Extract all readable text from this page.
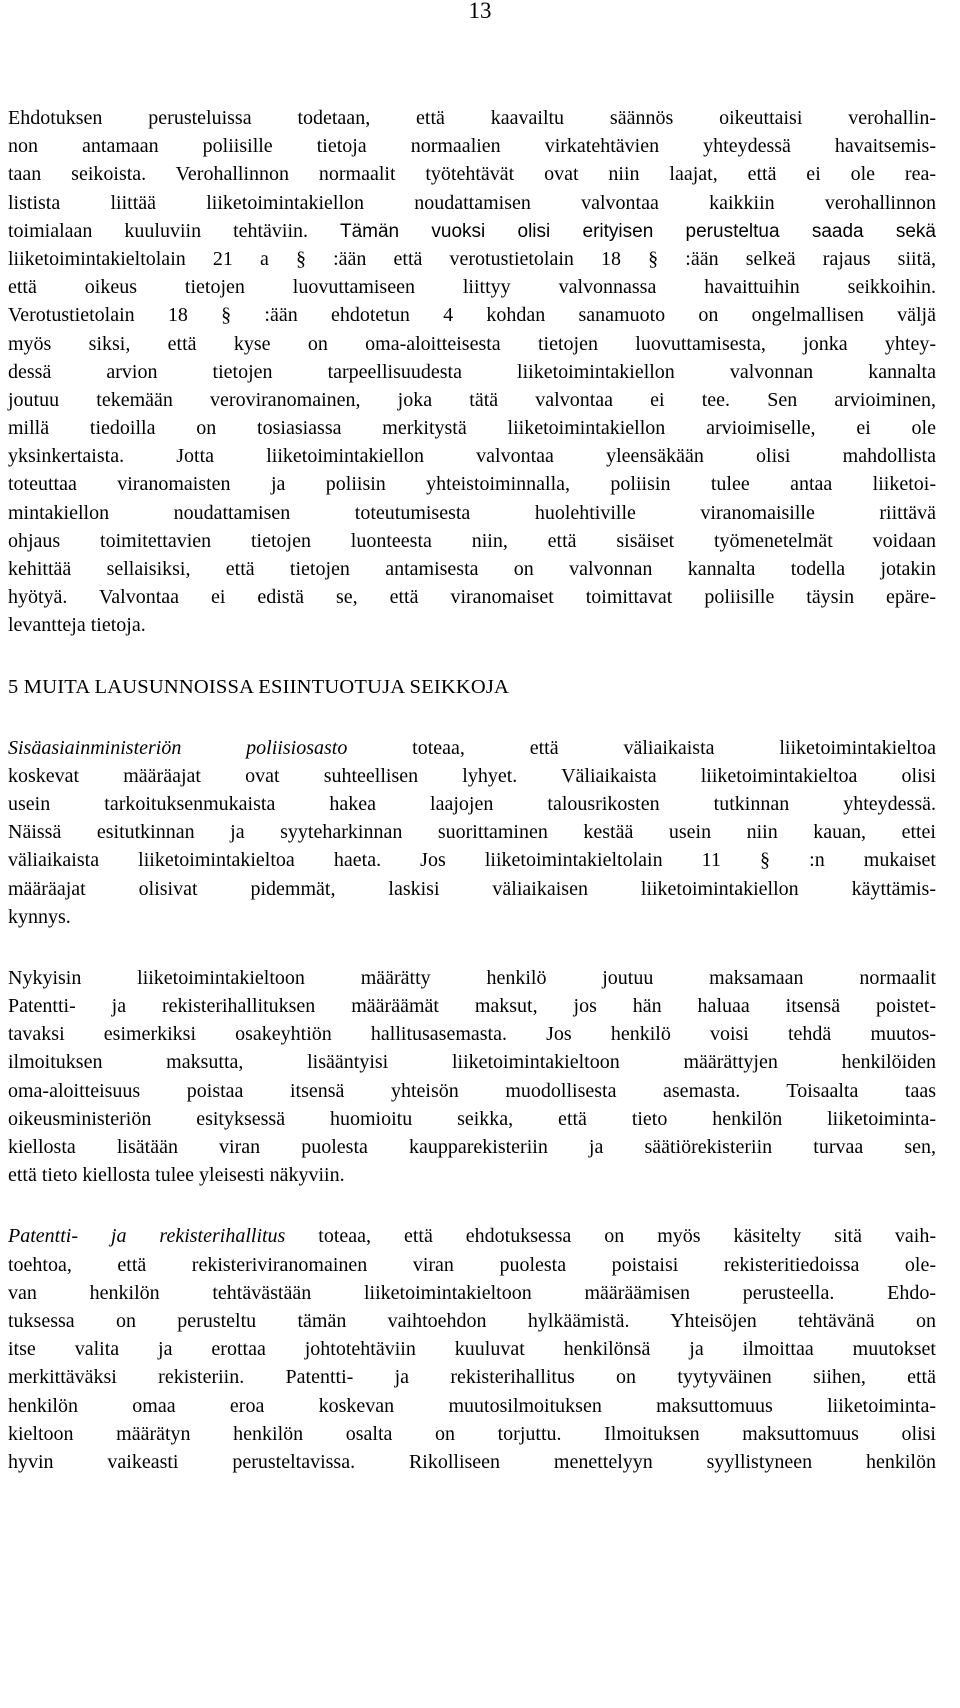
13
Ehdotuksen perusteluissa todetaan, että kaavailtu säännös oikeuttaisi verohallin-
non antamaan poliisille tietoja normaalien virkatehtävien yhteydessä havaitsemis-
taan seikoista. Verohallinnon normaalit työtehtävät ovat niin laajat, että ei ole rea-
listista liittää liiketoimintakiellon noudattamisen valvontaa kaikkiin verohallinnon
toimialaan kuuluviin tehtäviin. Tämän vuoksi olisi erityisen perusteltua saada sekä
liiketoimintakieltolain 21 a § :ään että verotustietolain 18 § :ään selkeä rajaus siitä,
että oikeus tietojen luovuttamiseen liittyy valvonnassa havaittuihin seikkoihin.
Verotustietolain 18 § :ään ehdotetun 4 kohdan sanamuoto on ongelmallisen väljä
myös siksi, että kyse on oma-aloitteisesta tietojen luovuttamisesta, jonka yhtey-
dessä arvion tietojen tarpeellisuudesta liiketoimintakiellon valvonnan kannalta
joutuu tekemään veroviranomainen, joka tätä valvontaa ei tee. Sen arvioiminen,
millä tiedoilla on tosiasiassa merkitystä liiketoimintakiellon arvioimiselle, ei ole
yksinkertaista. Jotta liiketoimintakiellon valvontaa yleensäkään olisi mahdollista
toteuttaa viranomaisten ja poliisin yhteistoiminnalla, poliisin tulee antaa liiketoi-
mintakiellon noudattamisen toteutumisesta huolehtiville viranomaisille riittävä
ohjaus toimitettavien tietojen luonteesta niin, että sisäiset työmenetelmät voidaan
kehittää sellaisiksi, että tietojen antamisesta on valvonnan kannalta todella jotakin
hyötyä. Valvontaa ei edistä se, että viranomaiset toimittavat poliisille täysin epäre-
levantteja tietoja.
5 MUITA LAUSUNNOISSA ESIINTUOTUJA SEIKKOJA
Sisäasiainministeriön poliisiosasto toteaa, että väliaikaista liiketoimintakieltoa
koskevat määräajat ovat suhteellisen lyhyet. Väliaikaista liiketoimintakieltoa olisi
usein tarkoituksenmukaista hakea laajojen talousrikosten tutkinnan yhteydessä.
Näissä esitutkinnan ja syyteharkinnan suorittaminen kestää usein niin kauan, ettei
väliaikaista liiketoimintakieltoa haeta. Jos liiketoimintakieltolain 11 § :n mukaiset
määräajat olisivat pidemmät, laskisi väliaikaisen liiketoimintakiellon käyttämis-
kynnys.
Nykyisin liiketoimintakieltoon määrätty henkilö joutuu maksamaan normaalit
Patentti- ja rekisterihallituksen määräämät maksut, jos hän haluaa itsensä poistet-
tavaksi esimerkiksi osakeyhtiön hallitusasemasta. Jos henkilö voisi tehdä muutos-
ilmoituksen maksutta, lisääntyisi liiketoimintakieltoon määrättyjen henkilöiden
oma-aloitteisuus poistaa itsensä yhteisön muodollisesta asemasta. Toisaalta taas
oikeusministeriön esityksessä huomioitu seikka, että tieto henkilön liiketoiminta-
kiellosta lisätään viran puolesta kaupparekisteriin ja säätiörekisteriin turvaa sen,
että tieto kiellosta tulee yleisesti näkyviin.
Patentti- ja rekisterihallitus toteaa, että ehdotuksessa on myös käsitelty sitä vaih-
toehtoa, että rekisteriviranomainen viran puolesta poistaisi rekisteritiedoissa ole-
van henkilön tehtävästään liiketoimintakieltoon määräämisen perusteella. Ehdo-
tuksessa on perusteltu tämän vaihtoehdon hylkäämistä. Yhteisöjen tehtävänä on
itse valita ja erottaa johtotehtäviin kuuluvat henkilönsä ja ilmoittaa muutokset
merkittäväksi rekisteriin. Patentti- ja rekisterihallitus on tyytyväinen siihen, että
henkilön omaa eroa koskevan muutosilmoituksen maksuttomuus liiketoiminta-
kieltoon määrätyn henkilön osalta on torjuttu. Ilmoituksen maksuttomuus olisi
hyvin vaikeasti perusteltavissa. Rikolliseen menettelyyn syyllistyneen henkilön
